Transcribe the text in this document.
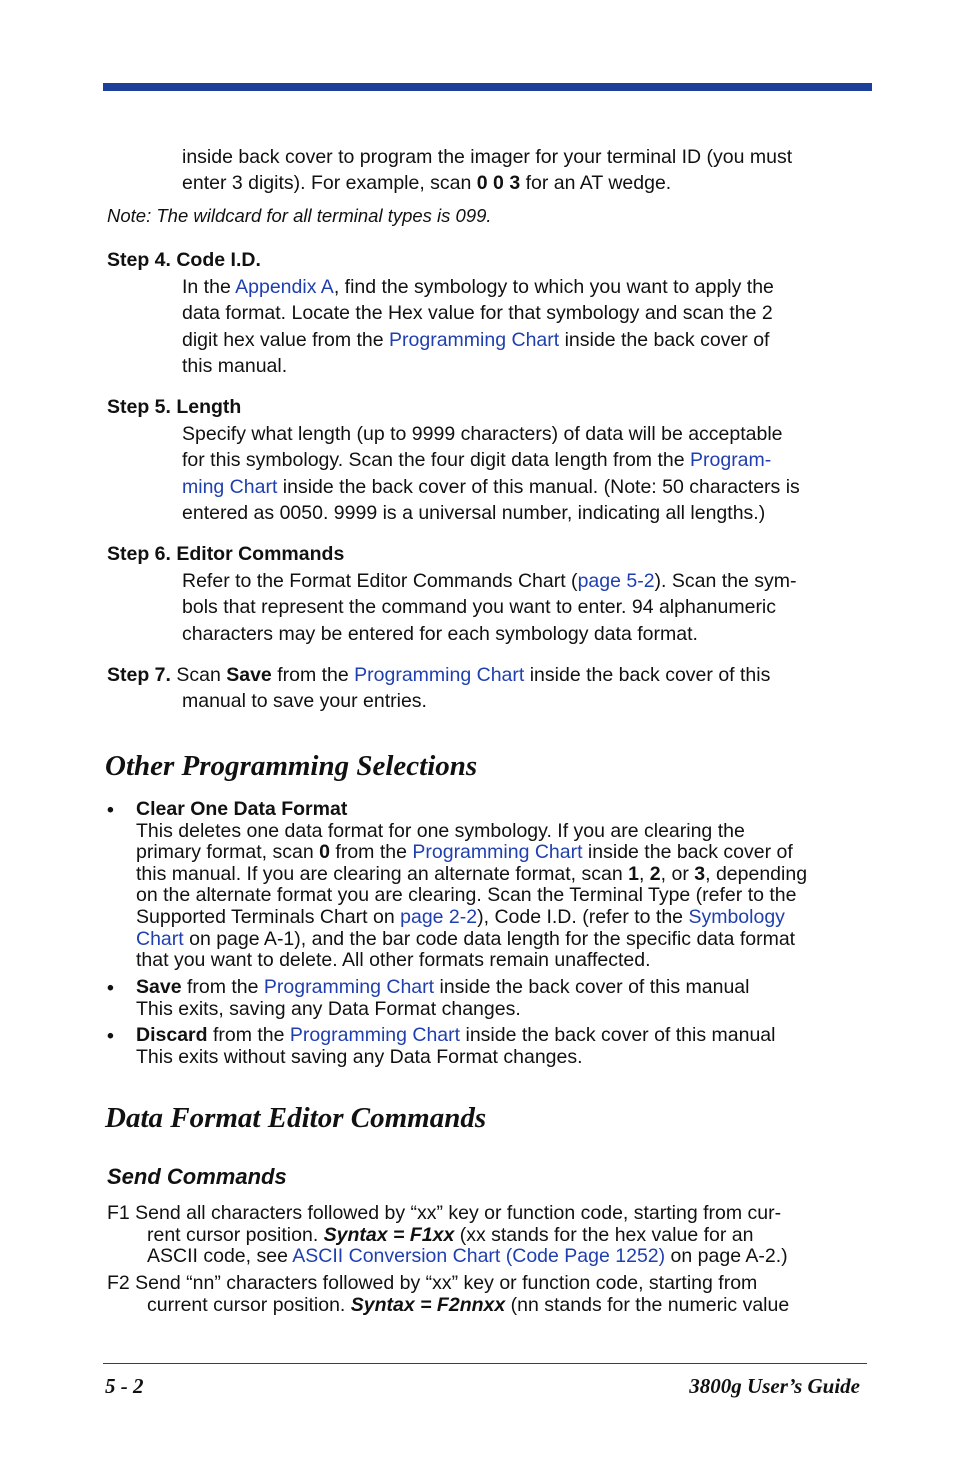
inside back cover to program the imager for your terminal ID (you must
enter 3 digits). For example, scan 0 0 3 for an AT wedge.
Note: The wildcard for all terminal types is 099.
Step 4. Code I.D.
In the Appendix A, find the symbology to which you want to apply the
data format. Locate the Hex value for that symbology and scan the 2
digit hex value from the Programming Chart inside the back cover of
this manual.
Step 5. Length
Specify what length (up to 9999 characters) of data will be acceptable
for this symbology. Scan the four digit data length from the Program-
ming Chart inside the back cover of this manual. (Note: 50 characters is
entered as 0050. 9999 is a universal number, indicating all lengths.)
Step 6. Editor Commands
Refer to the Format Editor Commands Chart (page 5-2). Scan the sym-
bols that represent the command you want to enter. 94 alphanumeric
characters may be entered for each symbology data format.
Step 7. Scan Save from the Programming Chart inside the back cover of this
manual to save your entries.
Other Programming Selections
• Clear One Data Format
This deletes one data format for one symbology. If you are clearing the
primary format, scan 0 from the Programming Chart inside the back cover of
this manual. If you are clearing an alternate format, scan 1, 2, or 3, depending
on the alternate format you are clearing. Scan the Terminal Type (refer to the
Supported Terminals Chart on page 2-2), Code I.D. (refer to the Symbology
Chart on page A-1), and the bar code data length for the specific data format
that you want to delete. All other formats remain unaffected.
• Save from the Programming Chart inside the back cover of this manual
This exits, saving any Data Format changes.
• Discard from the Programming Chart inside the back cover of this manual
This exits without saving any Data Format changes.
Data Format Editor Commands
Send Commands
F1 Send all characters followed by “xx” key or function code, starting from cur-
rent cursor position. Syntax = F1xx (xx stands for the hex value for an
ASCII code, see ASCII Conversion Chart (Code Page 1252) on page A-2.)
F2 Send “nn” characters followed by “xx” key or function code, starting from
current cursor position. Syntax = F2nnxx (nn stands for the numeric value
5 - 2	3800g User’s Guide
